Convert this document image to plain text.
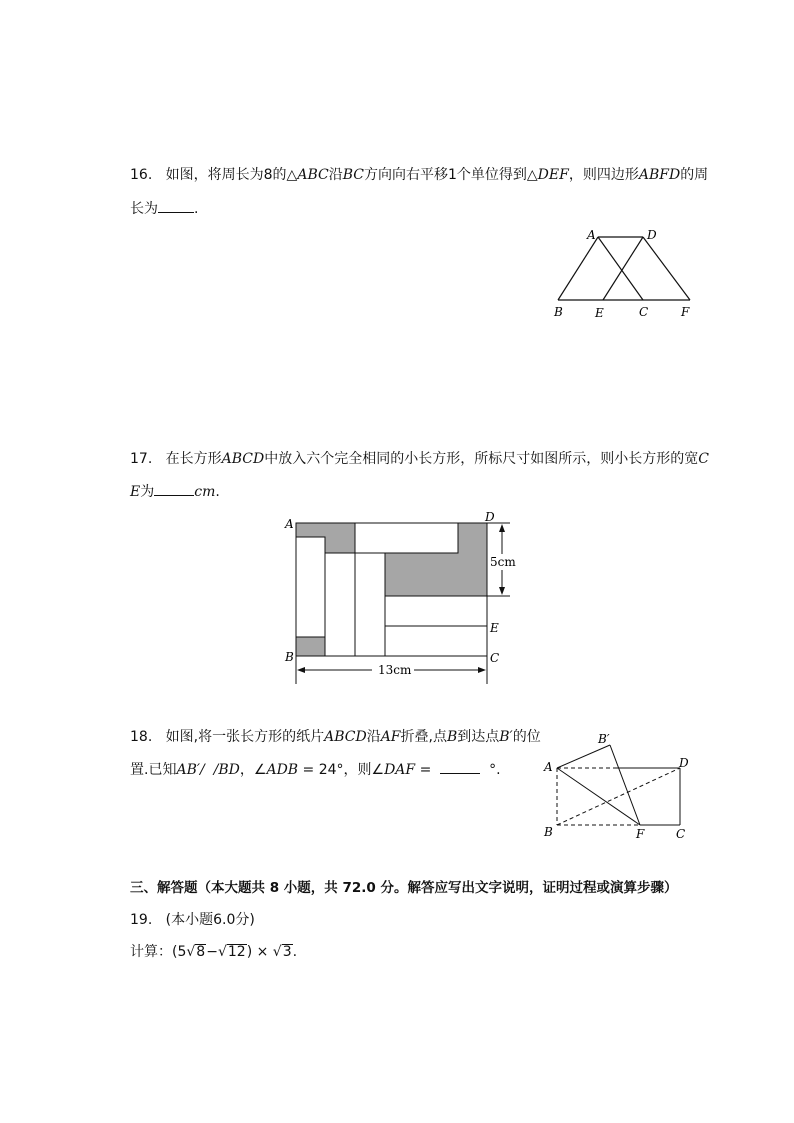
16. 如图，将周长为8的△ABC沿BC方向向右平移1个单位得到△DEF，则四边形ABFD的周
长为	.
A	D
B	E	C	F
17. 在长方形ABCD中放入六个完全相同的小长方形，所标尺寸如图所示，则小长方形的宽C
E为	cm.
5cm
13cm
A	D
B	C
E
18. 如图,将一张长方形的纸片ABCD沿AF折叠,点B到达点B′的位
置.已知AB′/ /BD，∠ADB = 24°，则∠DAF =	°.	A
B′
D
B	F	C
三、解答题（本大题共 8 小题，共 72.0 分。解答应写出文字说明，证明过程或演算步骤）
19. (本小题6.0分)
计算：(5√8−√12) × √3.
